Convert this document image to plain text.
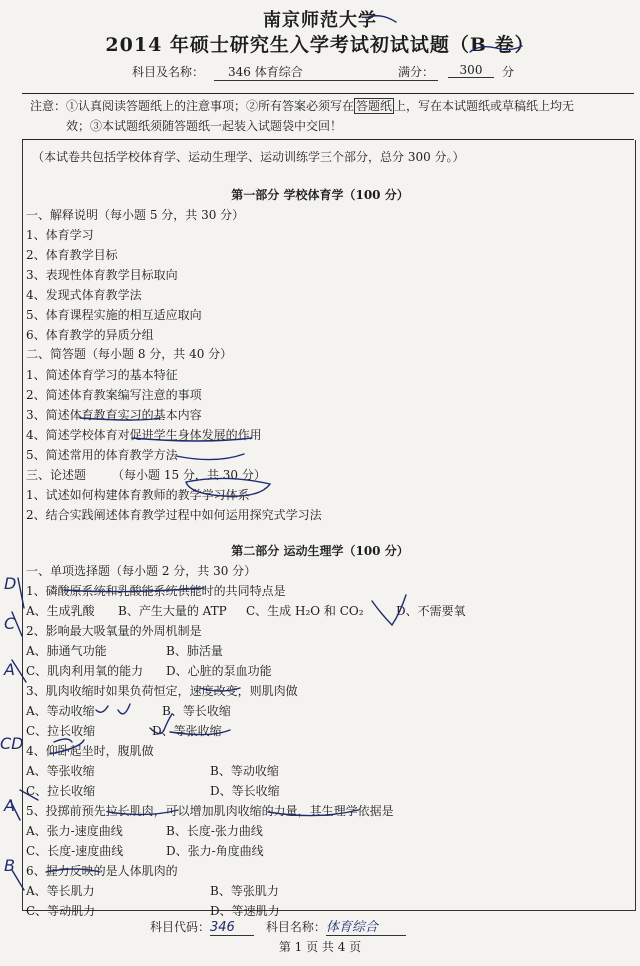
南京师范大学
2014 年硕士研究生入学考试初试试题（B 卷）
科目及名称：	346 体育综合	满分：	300	分
注意：①认真阅读答题纸上的注意事项；②所有答案必须写在 答题纸 上，写在本试题纸或草稿纸上均无
效；③本试题纸须随答题纸一起装入试题袋中交回！
（本试卷共包括学校体育学、运动生理学、运动训练学三个部分，总分 300 分。）
第一部分 学校体育学（100 分）
一、解释说明（每小题 5 分，共 30 分）
1、体育学习
2、体育教学目标
3、表现性体育教学目标取向
4、发现式体育教学法
5、体育课程实施的相互适应取向
6、体育教学的异质分组
二、简答题（每小题 8 分，共 40 分）
1、简述体育学习的基本特征
2、简述体育教案编写注意的事项
3、简述体育教育实习的基本内容
4、简述学校体育对促进学生身体发展的作用
5、简述常用的体育教学方法
三、论述题 （每小题 15 分，共 30 分）
1、试述如何构建体育教师的教学学习体系
2、结合实践阐述体育教学过程中如何运用探究式学习法
第二部分 运动生理学（100 分）
一、单项选择题（每小题 2 分，共 30 分）
1、磷酸原系统和乳酸能系统供能时的共同特点是
A、生成乳酸 B、产生大量的 ATP C、生成 H₂O 和 CO₂	D、不需要氧
2、影响最大吸氧量的外周机制是
A、肺通气功能	B、肺活量
C、肌肉利用氧的能力 D、心脏的泵血功能
3、肌肉收缩时如果负荷恒定，速度改变，则肌肉做
A、等动收缩	B、等长收缩
C、拉长收缩	D、等张收缩
4、仰卧起坐时，腹肌做
A、等张收缩	B、等动收缩
C、拉长收缩	D、等长收缩
5、投掷前预先拉长肌肉，可以增加肌肉收缩的力量，其生理学依据是
A、张力-速度曲线	B、长度-张力曲线
C、长度-速度曲线	D、张力-角度曲线
6、握力反映的是人体肌肉的
A、等长肌力	B、等张肌力
C、等动肌力	D、等速肌力
D
C
A
CD
A
B
科目代码：346	科目名称：体育综合
第 1 页 共 4 页
